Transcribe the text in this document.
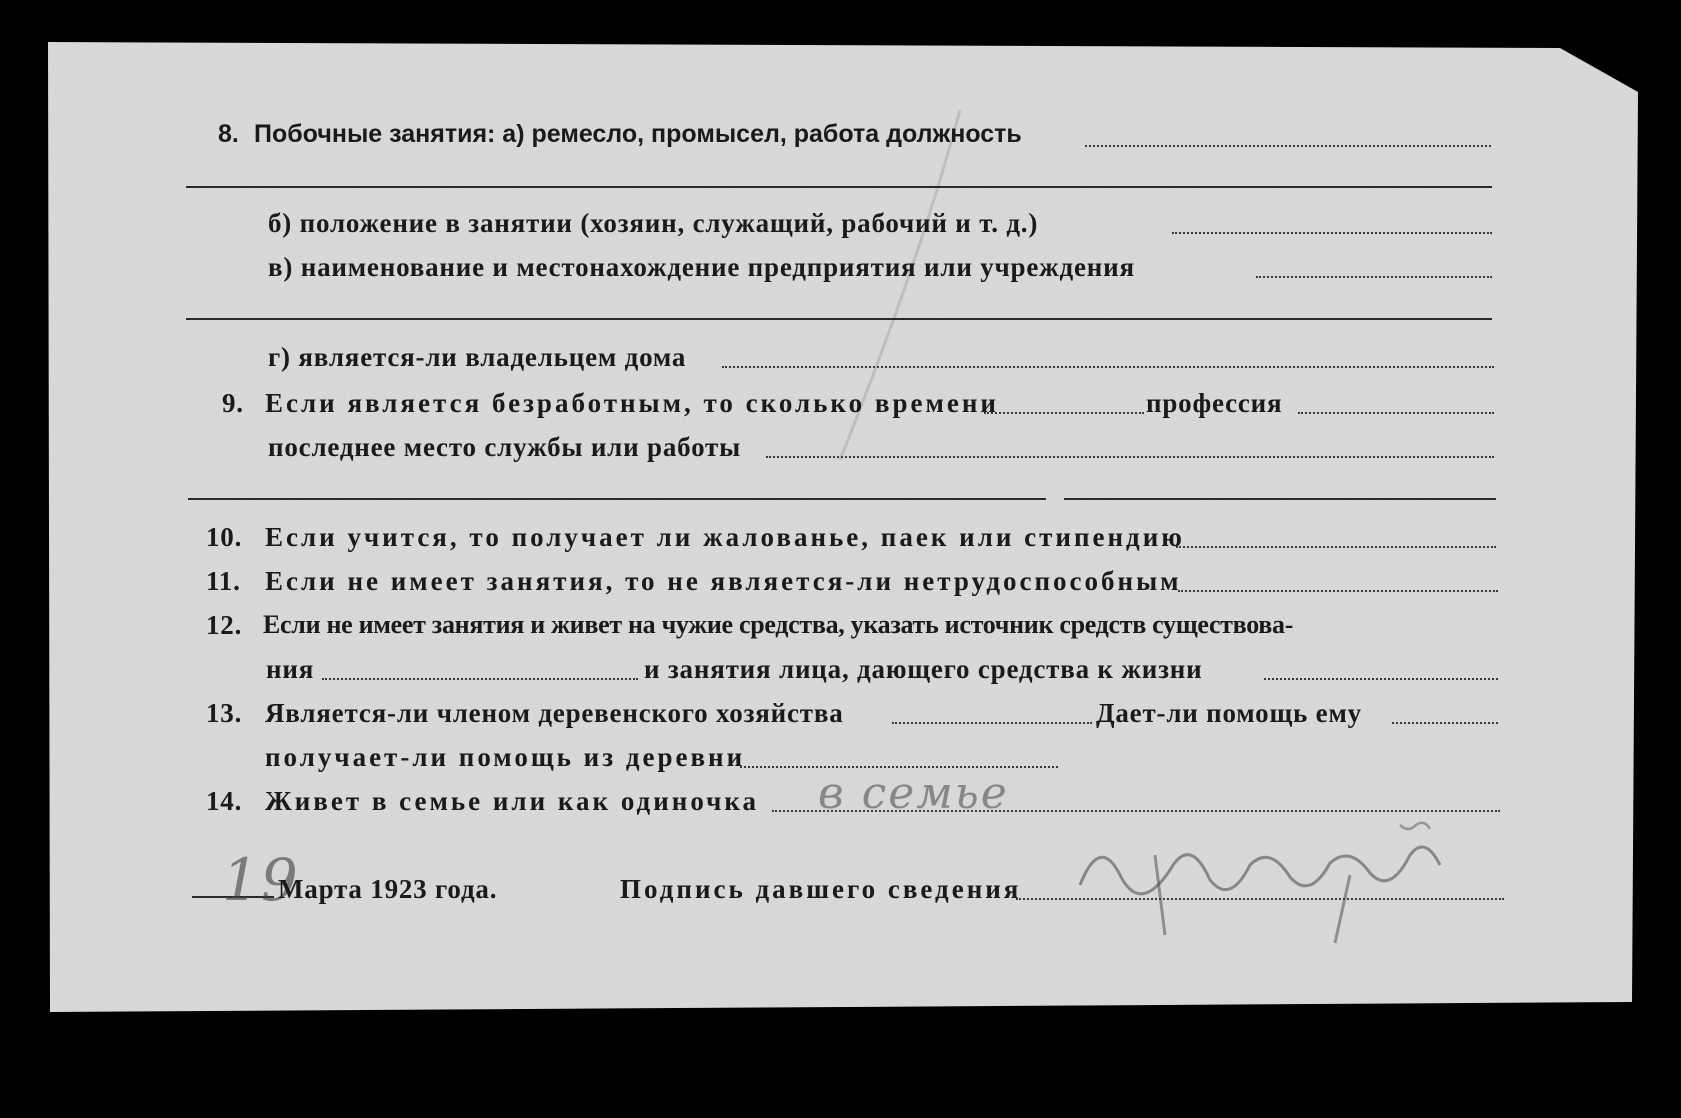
8. Побочные занятия: а) ремесло, промысел, работа должность
б) положение в занятии (хозяин, служащий, рабочий и т. д.)
в) наименование и местонахождение предприятия или учреждения
г) является-ли владельцем дома
9. Если является безработным, то сколько времени	профессия
последнее место службы или работы
10. Если учится, то получает ли жалованье, паек или стипендию
11. Если не имеет занятия, то не является-ли нетрудоспособным
12. Если не имеет занятия и живет на чужие средства, указать источник средств существова-
ния	и занятия лица, дающего средства к жизни
13. Является-ли членом деревенского хозяйства	Дает-ли помощь ему
получает-ли помощь из деревни
14. Живет в семье или как одиночка в семье
19
Марта 1923 года.	Подпись давшего сведения
